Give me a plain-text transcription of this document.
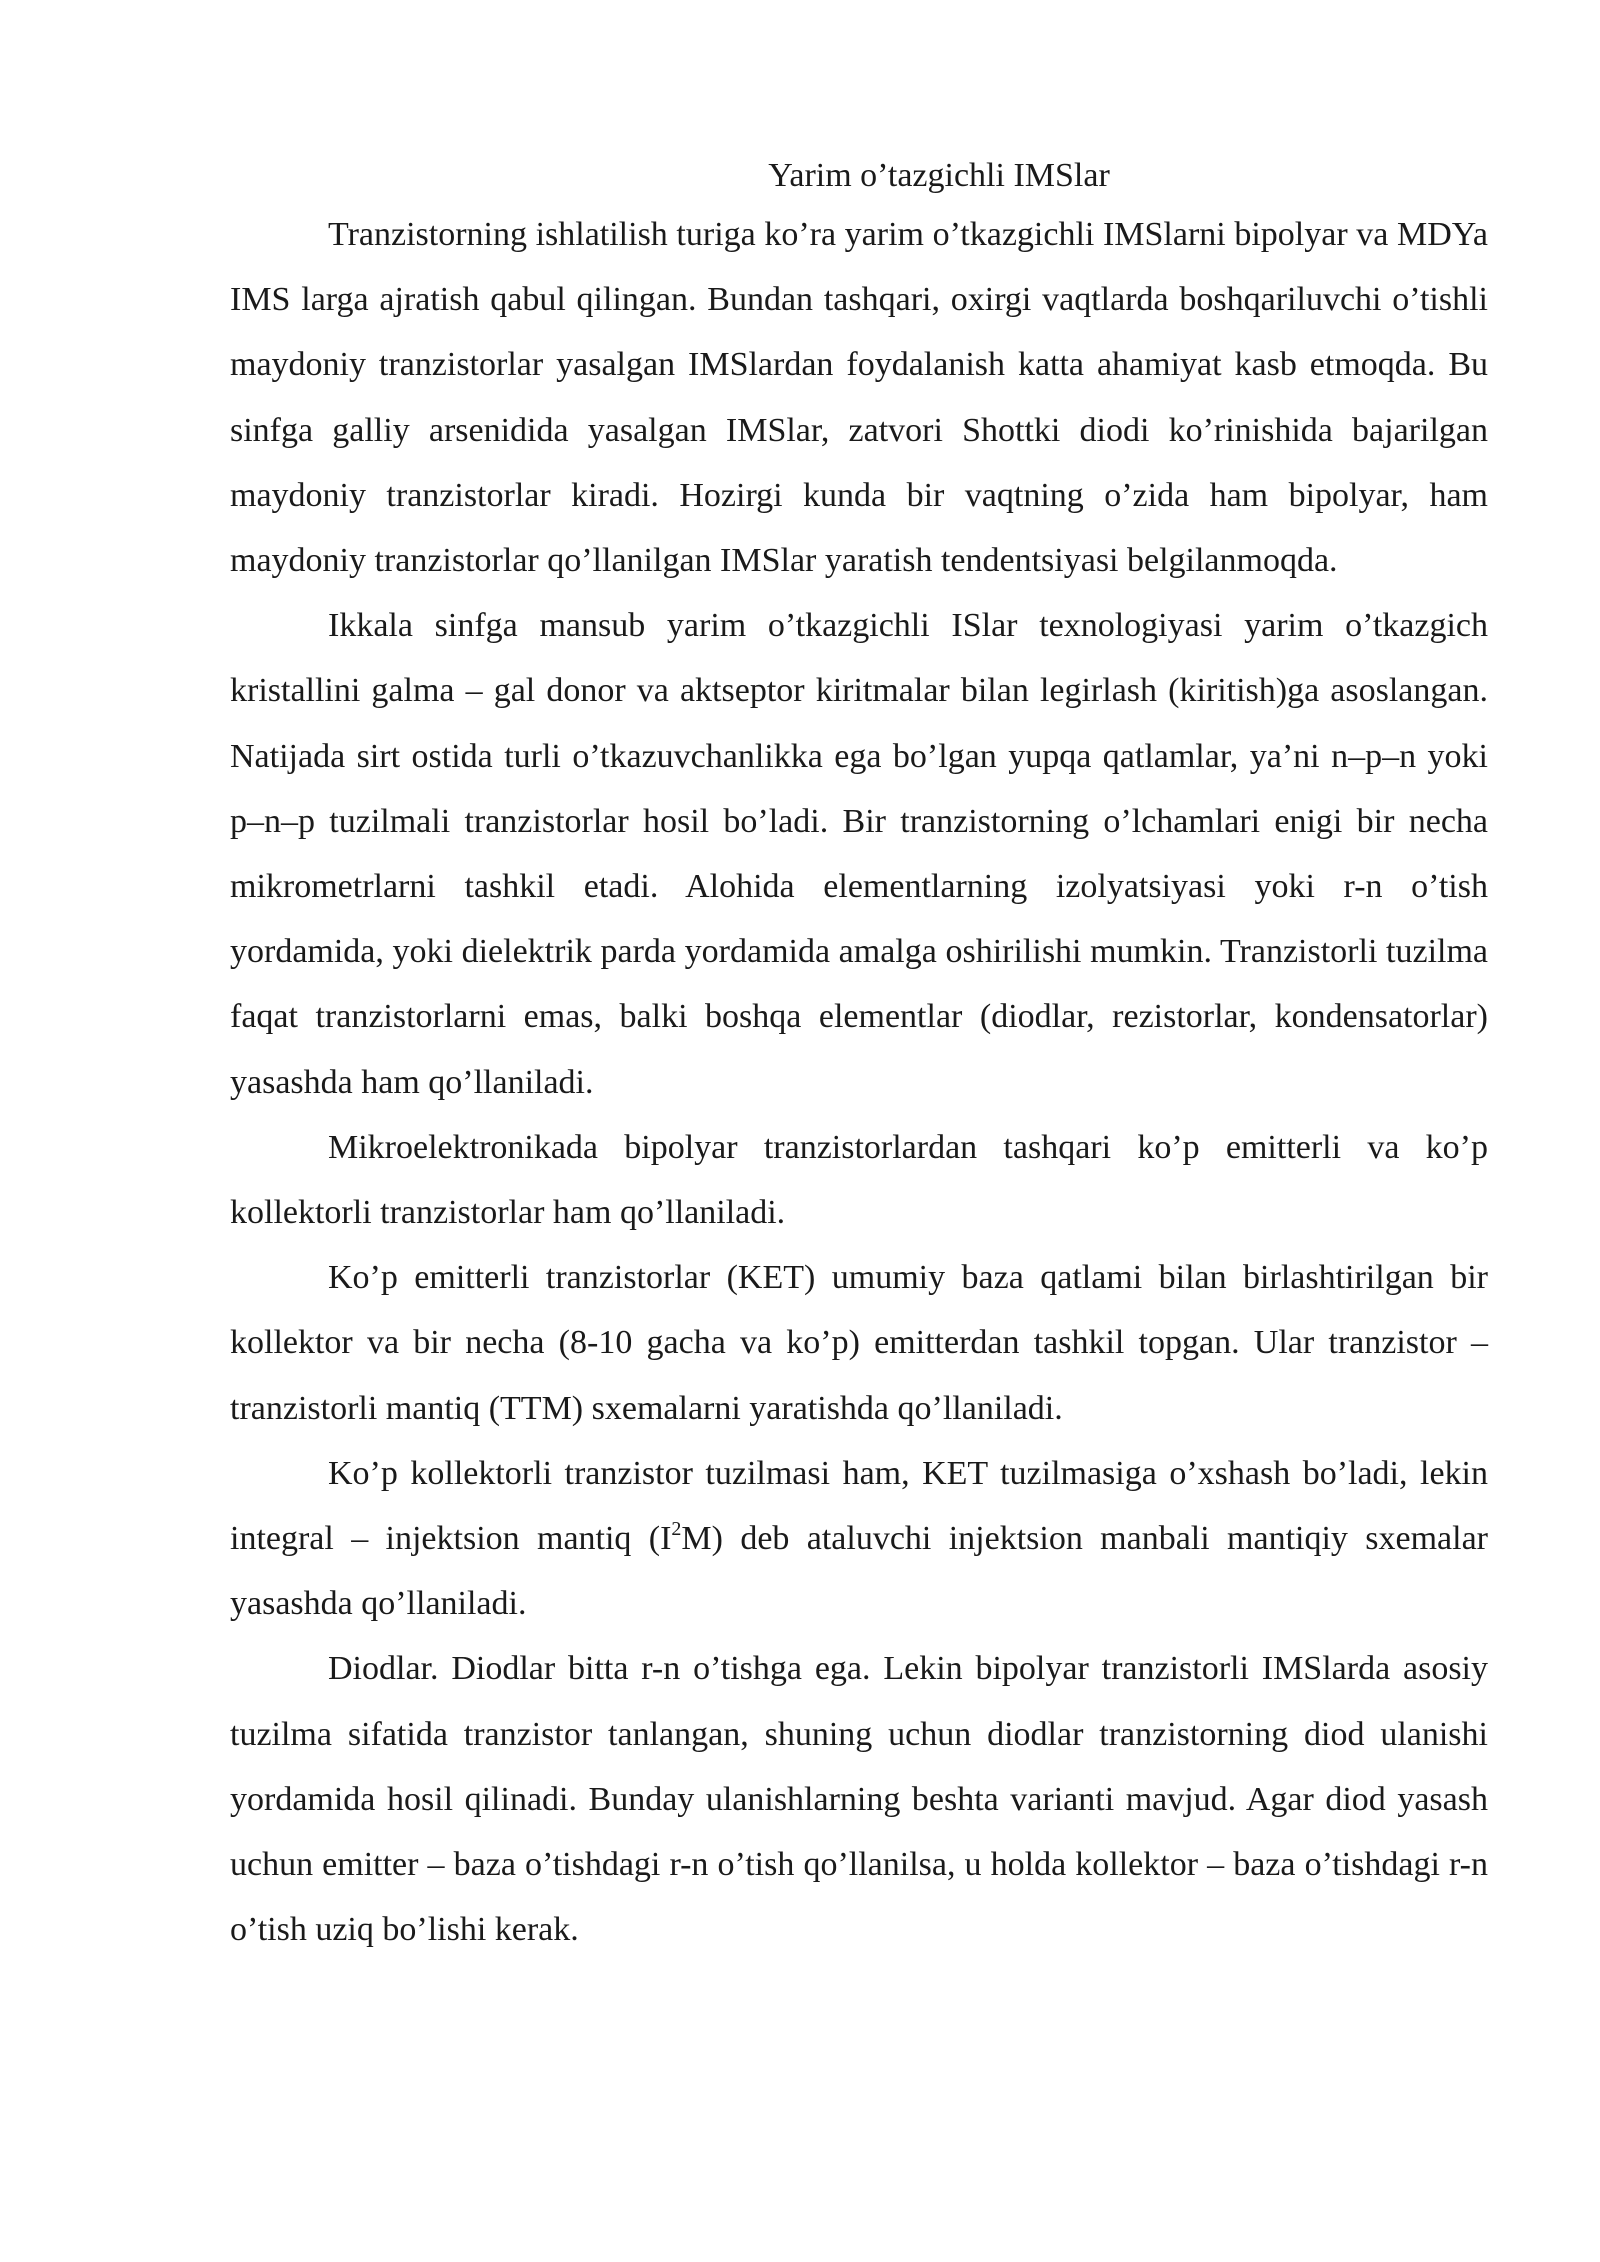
Yarim o’tazgichli IMSlar

Tranzistorning ishlatilish turiga ko’ra yarim o’tkazgichli IMSlarni bipolyar va MDYa IMS larga ajratish qabul qilingan. Bundan tashqari, oxirgi vaqtlarda boshqariluvchi o’tishli maydoniy tranzistorlar yasalgan IMSlardan foydalanish katta ahamiyat kasb etmoqda. Bu sinfga galliy arsenidida yasalgan IMSlar, zatvori Shottki diodi ko’rinishida bajarilgan maydoniy tranzistorlar kiradi. Hozirgi kunda bir vaqtning o’zida ham bipolyar, ham maydoniy tranzistorlar qo’llanilgan IMSlar yaratish tendentsiyasi belgilanmoqda.

Ikkala sinfga mansub yarim o’tkazgichli ISlar texnologiyasi yarim o’tkazgich kristallini galma – gal donor va aktseptor kiritmalar bilan legirlash (kiritish)ga asoslangan. Natijada sirt ostida turli o’tkazuvchanlikka ega bo’lgan yupqa qatlamlar, ya’ni n–p–n yoki p–n–p tuzilmali tranzistorlar hosil bo’ladi. Bir tranzistorning o’lchamlari enigi bir necha mikrometrlarni tashkil etadi. Alohida elementlarning izolyatsiyasi yoki r-n o’tish yordamida, yoki dielektrik parda yordamida amalga oshirilishi mumkin. Tranzistorli tuzilma faqat tranzistorlarni emas, balki boshqa elementlar (diodlar, rezistorlar, kondensatorlar) yasashda ham qo’llaniladi.

Mikroelektronikada bipolyar tranzistorlardan tashqari ko’p emitterli va ko’p kollektorli tranzistorlar ham qo’llaniladi.

Ko’p emitterli tranzistorlar (KET) umumiy baza qatlami bilan birlashtirilgan bir kollektor va bir necha (8-10 gacha va ko’p) emitterdan tashkil topgan. Ular tranzistor – tranzistorli mantiq (TTM) sxemalarni yaratishda qo’llaniladi.

Ko’p kollektorli tranzistor tuzilmasi ham, KET tuzilmasiga o’xshash bo’ladi, lekin integral – injektsion mantiq $(I^2M)$ deb ataluvchi injektsion manbali mantiqiy sxemalar yasashda qo’llaniladi.

Diodlar. Diodlar bitta r-n o’tishga ega. Lekin bipolyar tranzistorli IMSlarda asosiy tuzilma sifatida tranzistor tanlangan, shuning uchun diodlar tranzistorning diod ulanishi yordamida hosil qilinadi. Bunday ulanishlarning beshta varianti mavjud. Agar diod yasash uchun emitter – baza o’tishdagi r-n o’tish qo’llanilsa, u holda kollektor – baza o’tishdagi r-n o’tish uziq bo’lishi kerak.
